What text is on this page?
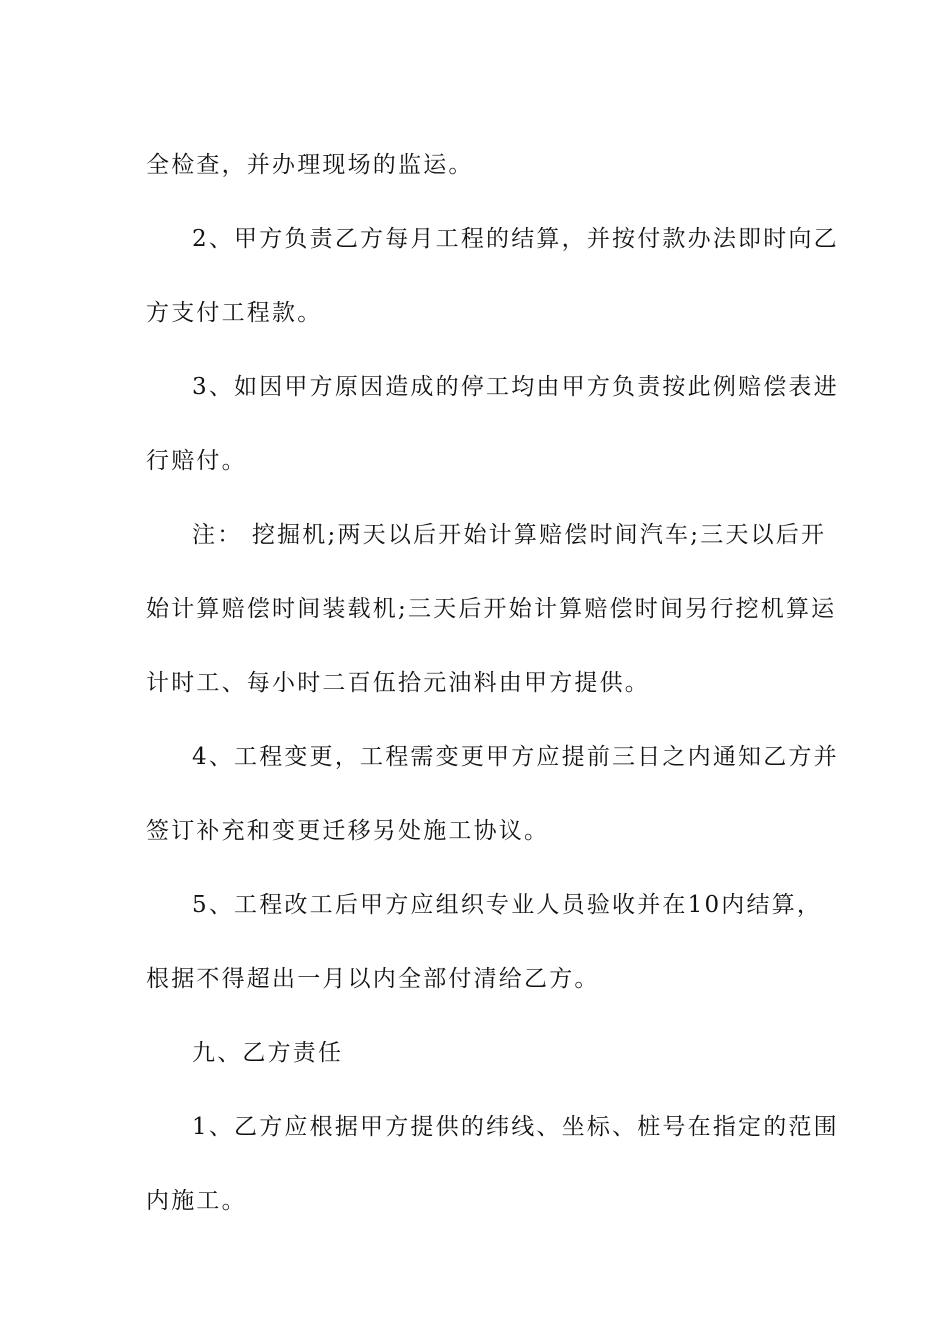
全检查，并办理现场的监运。
2、甲方负责乙方每月工程的结算，并按付款办法即时向乙
方支付工程款。
3、如因甲方原因造成的停工均由甲方负责按此例赔偿表进
行赔付。
注： 挖掘机;两天以后开始计算赔偿时间汽车;三天以后开
始计算赔偿时间装载机;三天后开始计算赔偿时间另行挖机算运
计时工、每小时二百伍拾元油料由甲方提供。
4、工程变更，工程需变更甲方应提前三日之内通知乙方并
签订补充和变更迁移另处施工协议。
5、工程改工后甲方应组织专业人员验收并在10内结算，
根据不得超出一月以内全部付清给乙方。
九、乙方责任
1、乙方应根据甲方提供的纬线、坐标、桩号在指定的范围
内施工。
